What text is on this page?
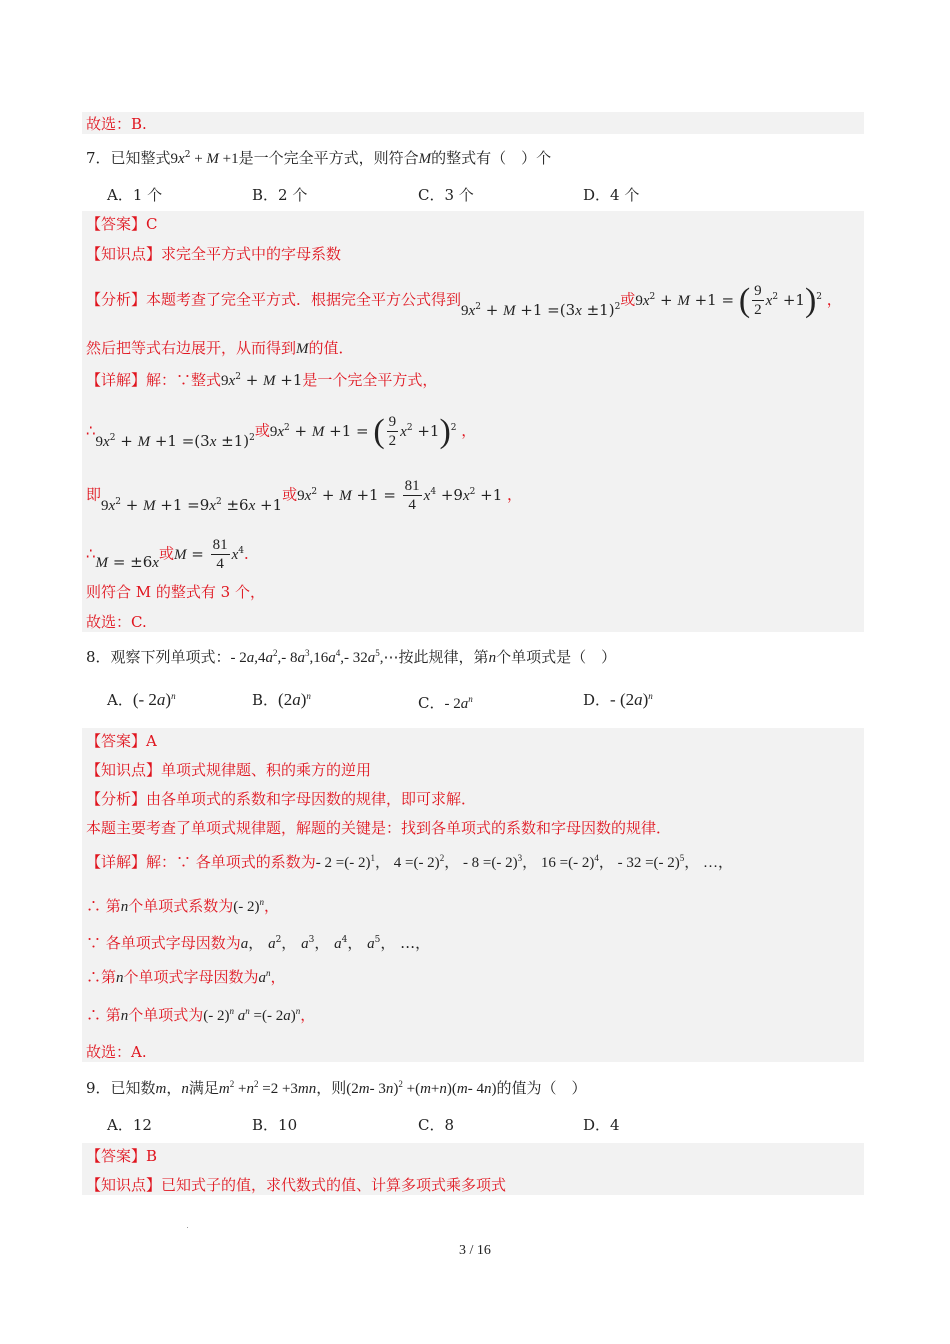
故选：B.
7．已知整式$9x^2 + M +1$是一个完全平方式，则符合M的整式有（　）个
A．1 个	B．2 个	C．3 个	D．4 个
【答案】C
【知识点】求完全平方式中的字母系数
【分析】本题考查了完全平方式．根据完全平方公式得到$9x^2 + M +1 =(3x \pm 1)^2$或$9x^2 + M +1$ = ( $\frac{9}{2} x^2 +1)^2$ ，
然后把等式右边展开，从而得到M的值．
【详解】解：∵整式$9x^2 + M +1$是一个完全平方式，
$\therefore 9x^2 + M +1 =(3x \pm 1)^2$或$9x^2 + M +1$ = ( $\frac{9}{2} x^2 +1)^2$ ，
即$9x^2 + M +1 =9x^2 \pm 6x +1$或$9x^2 + M +1 = \frac{81}{4} x^4 +9x^2 +1$ ，
∴M = ±6x或$M = \frac{81}{4} x^4$．
则符合 M 的整式有 3 个，
故选：C.
8．观察下列单项式：- $2a,4a^2,-$ $8a^3,16a^4,-$ $32a^5,\cdots$按此规律，第n个单项式是（　）
A．(- 2a)$^n$	B．$(2a)^n$	C．- $2a^n$	D．- $(2a)^n$
【答案】A
【知识点】单项式规律题、积的乘方的逆用
【分析】由各单项式的系数和字母因数的规律，即可求解．
本题主要考查了单项式规律题，解题的关键是：找到各单项式的系数和字母因数的规律．
【详解】解：∵ 各单项式的系数为- 2 =(- 2)$^1$， 4 =(- 2)$^2$， - 8 =(- 2)$^3$， 16 =(- 2)$^4$， - 32 =(- 2)$^5$， …，
∴ 第n个单项式系数为(- 2)$^n$，
∵ 各单项式字母因数为a， $a^2$， $a^3$， $a^4$， $a^5$， …，
∴第n个单项式字母因数为$a^n$，
∴ 第n个单项式为(- 2)$^n$ $a^n$ =(- 2a)$^n$，
故选：A.
9．已知数m，n满足$m^2 +n^2 =2 +3mn$，则(2m- 3n)$^2$ +(m+n)(m- 4n)的值为（　）
A．12	B．10	C．8	D．4
【答案】B
【知识点】已知式子的值，求代数式的值、计算多项式乘多项式
3 / 16
